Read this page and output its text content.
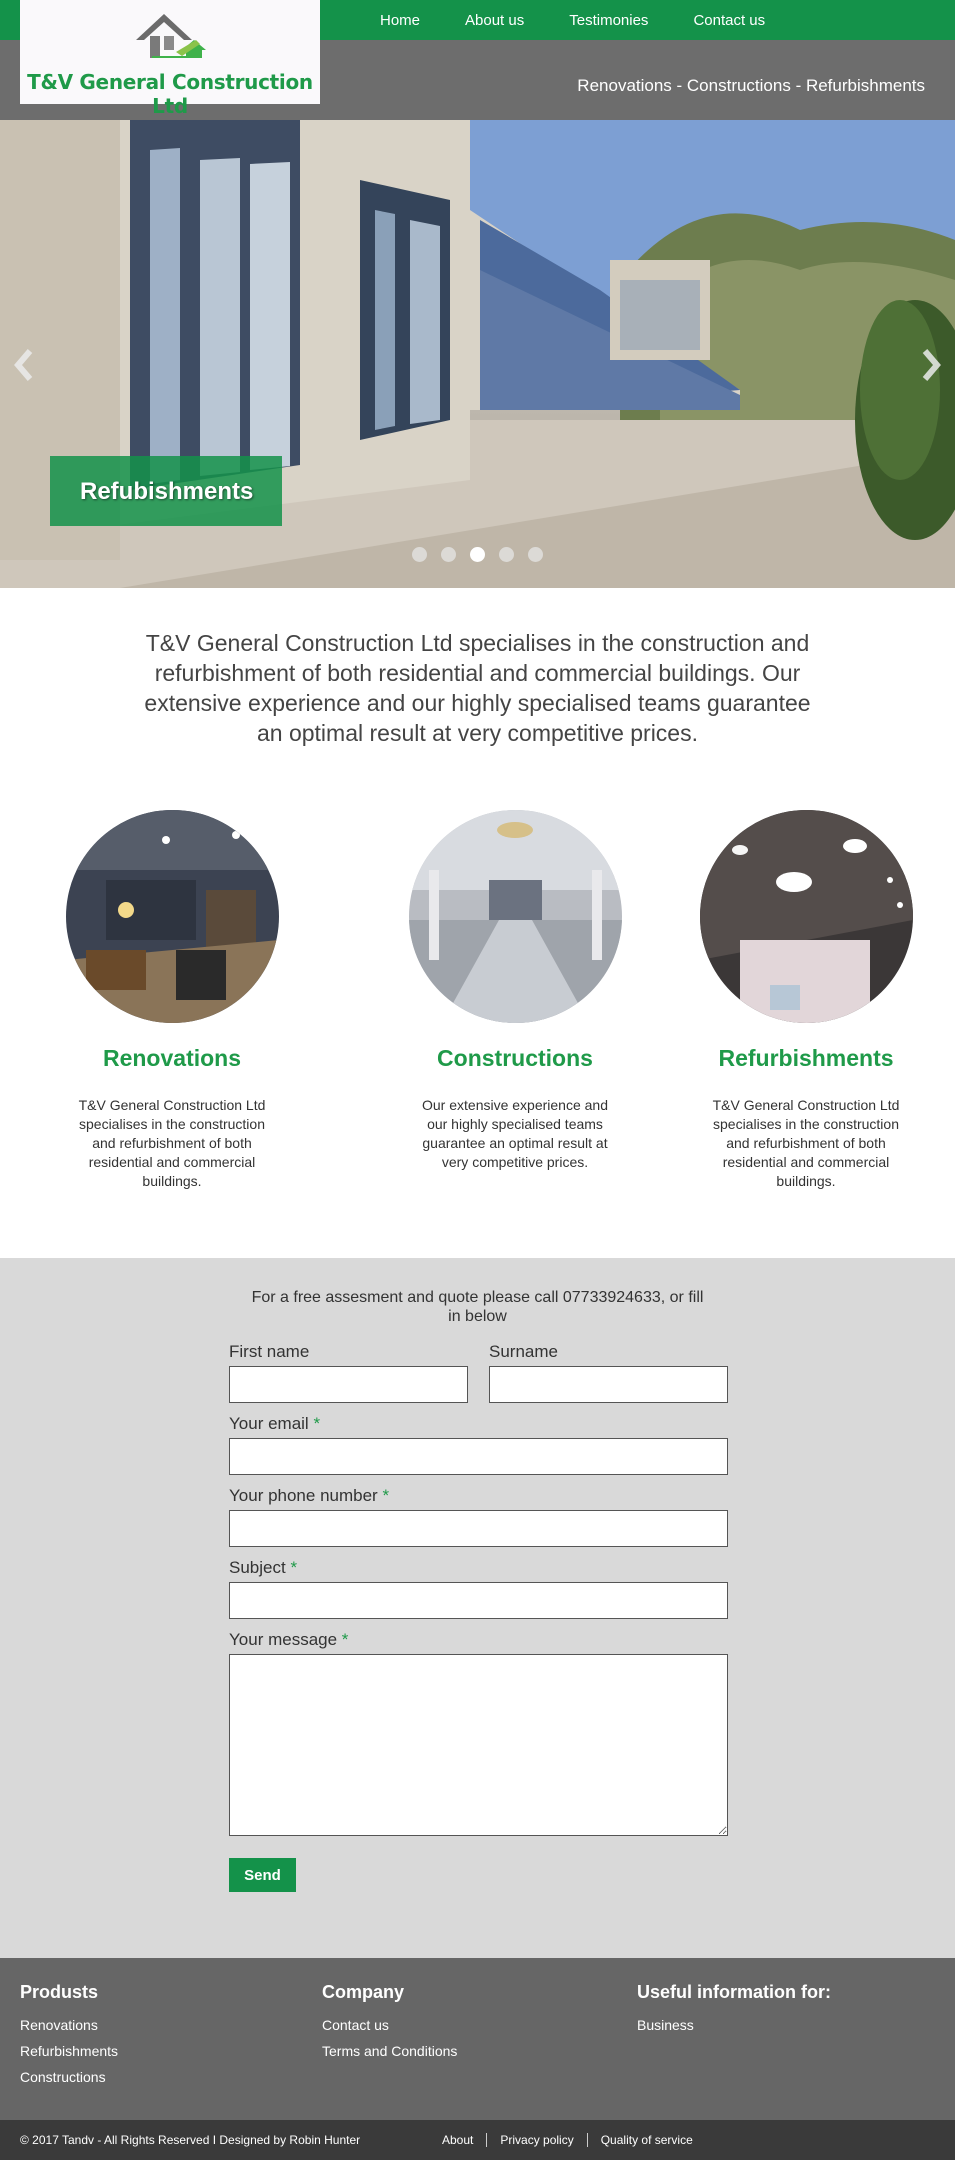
T&V General Construction Ltd
Home	About us	Testimonies	Contact us
Renovations - Constructions - Refurbishments
Refubishments

T&V General Construction Ltd specialises in the construction and refurbishment of both residential and commercial buildings. Our extensive experience and our highly specialised teams guarantee an optimal result at very competitive prices.

Renovations

T&V General Construction Ltd specialises in the construction and refurbishment of both residential and commercial buildings.

Constructions

Our extensive experience and our highly specialised teams guarantee an optimal result at very competitive prices.

Refurbishments

T&V General Construction Ltd specialises in the construction and refurbishment of both residential and commercial buildings.

For a free assesment and quote please call 07733924633, or fill in below

First name	Surname
Your email *
Your phone number *
Subject *
Your message *
Send
Produsts
Renovations
Refurbishments
Constructions
Company
Contact us
Terms and Conditions
Useful information for:
Business
© 2017 Tandv - All Rights Reserved I Designed by Robin Hunter	About	Privacy policy	Quality of service
